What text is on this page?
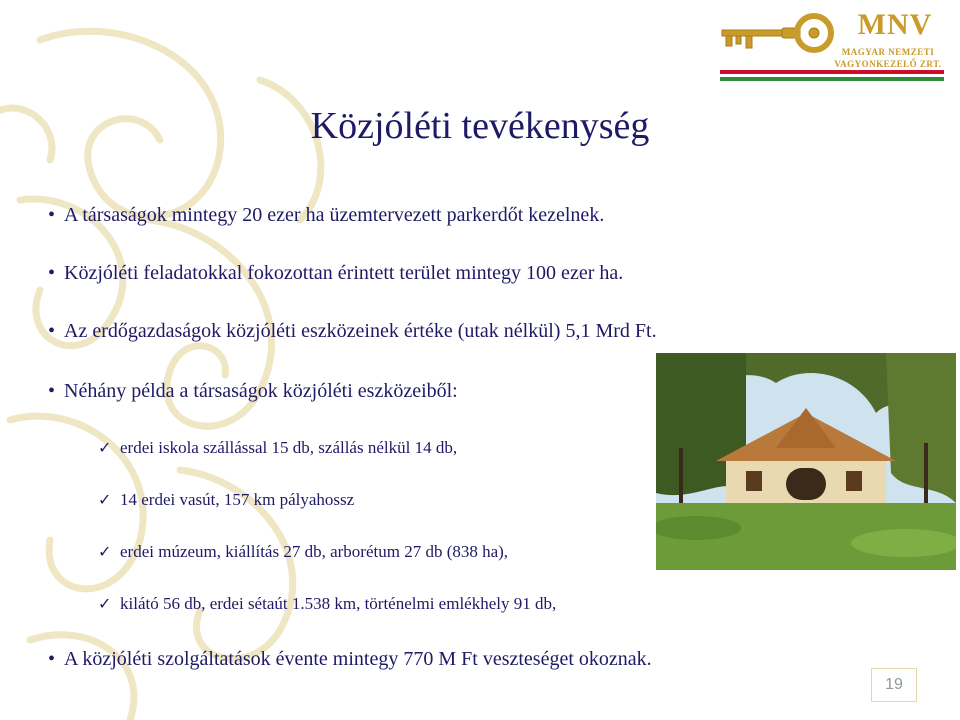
MNV
MAGYAR NEMZETI
VAGYONKEZELŐ ZRT.
Közjóléti tevékenység
• A társaságok mintegy 20 ezer ha üzemtervezett parkerdőt kezelnek.
• Közjóléti feladatokkal fokozottan érintett terület mintegy 100 ezer ha.
• Az erdőgazdaságok közjóléti eszközeinek értéke (utak nélkül) 5,1 Mrd Ft.
• Néhány példa a társaságok közjóléti eszközeiből:
✓ erdei iskola szállással 15 db, szállás nélkül 14 db,
✓ 14 erdei vasút, 157 km pályahossz
✓ erdei múzeum, kiállítás 27 db, arborétum 27 db (838 ha),
✓ kilátó 56 db, erdei sétaút 1.538 km, történelmi emlékhely 91 db,
• A közjóléti szolgáltatások évente mintegy 770 M Ft veszteséget okoznak.
19
